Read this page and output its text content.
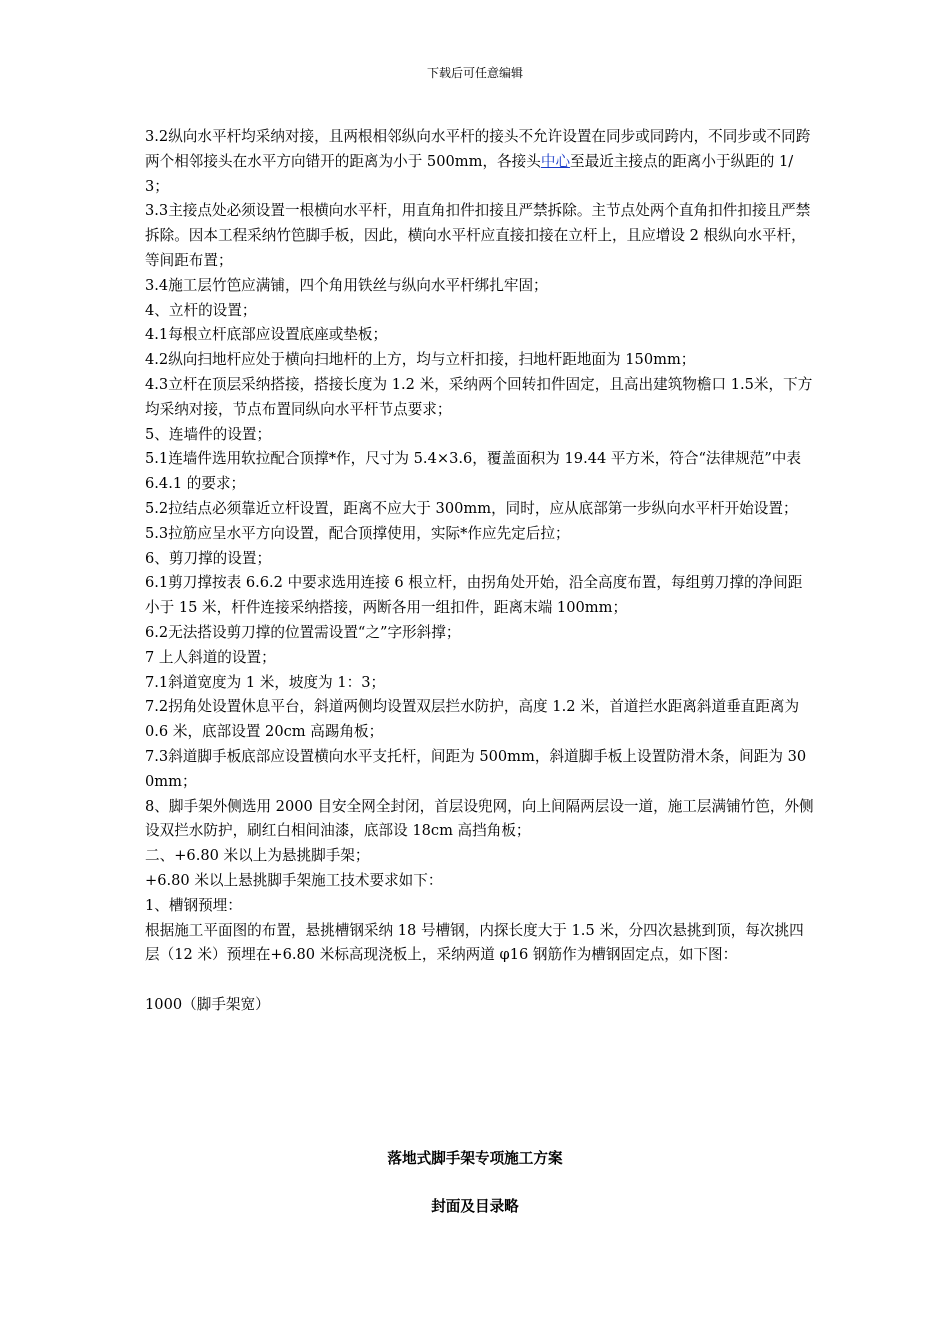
下载后可任意编辑

3.2纵向水平杆均采纳对接，且两根相邻纵向水平杆的接头不允许设置在同步或同跨内，不同步或不同跨两个相邻接头在水平方向错开的距离为小于 500mm，各接头中心至最近主接点的距离小于纵距的 1/3；

3.3主接点处必须设置一根横向水平杆，用直角扣件扣接且严禁拆除。主节点处两个直角扣件扣接且严禁拆除。因本工程采纳竹笆脚手板，因此，横向水平杆应直接扣接在立杆上，且应增设 2 根纵向水平杆，等间距布置；

3.4施工层竹笆应满铺，四个角用铁丝与纵向水平杆绑扎牢固；

4、立杆的设置；

4.1每根立杆底部应设置底座或垫板；

4.2纵向扫地杆应处于横向扫地杆的上方，均与立杆扣接，扫地杆距地面为 150mm；

4.3立杆在顶层采纳搭接，搭接长度为 1.2 米，采纳两个回转扣件固定，且高出建筑物檐口 1.5米，下方均采纳对接，节点布置同纵向水平杆节点要求；

5、连墙件的设置；

5.1连墙件选用软拉配合顶撑*作，尺寸为 5.4×3.6，覆盖面积为 19.44 平方米，符合“法律规范”中表 6.4.1 的要求；

5.2拉结点必须靠近立杆设置，距离不应大于 300mm，同时，应从底部第一步纵向水平杆开始设置；

5.3拉筋应呈水平方向设置，配合顶撑使用，实际*作应先定后拉；

6、剪刀撑的设置；

6.1剪刀撑按表 6.6.2 中要求选用连接 6 根立杆，由拐角处开始，沿全高度布置，每组剪刀撑的净间距小于 15 米，杆件连接采纳搭接，两断各用一组扣件，距离末端 100mm；

6.2无法搭设剪刀撑的位置需设置“之”字形斜撑；

7 上人斜道的设置；

7.1斜道宽度为 1 米，坡度为 1：3；

7.2拐角处设置休息平台，斜道两侧均设置双层拦水防护，高度 1.2 米，首道拦水距离斜道垂直距离为 0.6 米，底部设置 20cm 高踢角板；

7.3斜道脚手板底部应设置横向水平支托杆，间距为 500mm，斜道脚手板上设置防滑木条，间距为 300mm；

8、脚手架外侧选用 2000 目安全网全封闭，首层设兜网，向上间隔两层设一道，施工层满铺竹笆，外侧设双拦水防护，刷红白相间油漆，底部设 18cm 高挡角板；

二、+6.80 米以上为悬挑脚手架；

+6.80 米以上悬挑脚手架施工技术要求如下：

1、槽钢预埋：

根据施工平面图的布置，悬挑槽钢采纳 18 号槽钢，内探长度大于 1.5 米，分四次悬挑到顶，每次挑四层（12 米）预埋在+6.80 米标高现浇板上，采纳两道 φ16 钢筋作为槽钢固定点，如下图：

1000（脚手架宽）

落地式脚手架专项施工方案
封面及目录略
